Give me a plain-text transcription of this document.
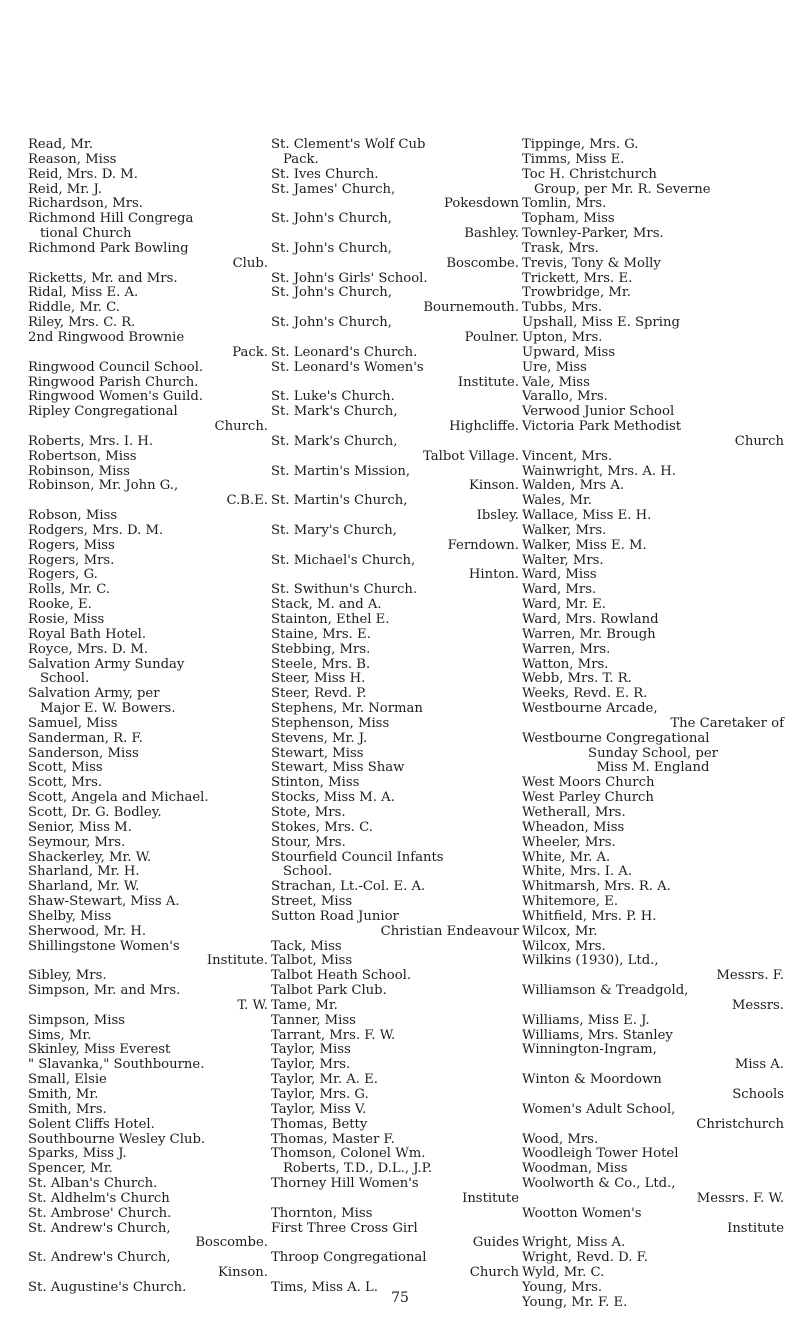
Read, Mr.
Reason, Miss
Reid, Mrs. D. M.
Reid, Mr. J.
Richardson, Mrs.
Richmond Hill Congrega
tional Church
Richmond Park Bowling
Club.
Ricketts, Mr. and Mrs.
Ridal, Miss E. A.
Riddle, Mr. C.
Riley, Mrs. C. R.
2nd Ringwood Brownie
Pack.
Ringwood Council School.
Ringwood Parish Church.
Ringwood Women's Guild.
Ripley Congregational
Church.
Roberts, Mrs. I. H.
Robertson, Miss
Robinson, Miss
Robinson, Mr. John G.,
C.B.E.
Robson, Miss
Rodgers, Mrs. D. M.
Rogers, Miss
Rogers, Mrs.
Rogers, G.
Rolls, Mr. C.
Rooke, E.
Rosie, Miss
Royal Bath Hotel.
Royce, Mrs. D. M.
Salvation Army Sunday
School.
Salvation Army, per
Major E. W. Bowers.
Samuel, Miss
Sanderman, R. F.
Sanderson, Miss
Scott, Miss
Scott, Mrs.
Scott, Angela and Michael.
Scott, Dr. G. Bodley.
Senior, Miss M.
Seymour, Mrs.
Shackerley, Mr. W.
Sharland, Mr. H.
Sharland, Mr. W.
Shaw-Stewart, Miss A.
Shelby, Miss
Sherwood, Mr. H.
Shillingstone Women's
Institute.
Sibley, Mrs.
Simpson, Mr. and Mrs.
T. W.
Simpson, Miss
Sims, Mr.
Skinley, Miss Everest
" Slavanka," Southbourne.
Small, Elsie
Smith, Mr.
Smith, Mrs.
Solent Cliffs Hotel.
Southbourne Wesley Club.
Sparks, Miss J.
Spencer, Mr.
St. Alban's Church.
St. Aldhelm's Church
St. Ambrose' Church.
St. Andrew's Church,
Boscombe.
St. Andrew's Church,
Kinson.
St. Augustine's Church.
St. Clement's Wolf Cub
Pack.
St. Ives Church.
St. James' Church,
Pokesdown
St. John's Church,
Bashley.
St. John's Church,
Boscombe.
St. John's Girls' School.
St. John's Church,
Bournemouth.
St. John's Church,
Poulner.
St. Leonard's Church.
St. Leonard's Women's
Institute.
St. Luke's Church.
St. Mark's Church,
Highcliffe.
St. Mark's Church,
Talbot Village.
St. Martin's Mission,
Kinson.
St. Martin's Church,
Ibsley.
St. Mary's Church,
Ferndown.
St. Michael's Church,
Hinton.
St. Swithun's Church.
Stack, M. and A.
Stainton, Ethel E.
Staine, Mrs. E.
Stebbing, Mrs.
Steele, Mrs. B.
Steer, Miss H.
Steer, Revd. P.
Stephens, Mr. Norman
Stephenson, Miss
Stevens, Mr. J.
Stewart, Miss
Stewart, Miss Shaw
Stinton, Miss
Stocks, Miss M. A.
Stote, Mrs.
Stokes, Mrs. C.
Stour, Mrs.
Stourfield Council Infants
School.
Strachan, Lt.-Col. E. A.
Street, Miss
Sutton Road Junior
Christian Endeavour
Tack, Miss
Talbot, Miss
Talbot Heath School.
Talbot Park Club.
Tame, Mr.
Tanner, Miss
Tarrant, Mrs. F. W.
Taylor, Miss
Taylor, Mrs.
Taylor, Mr. A. E.
Taylor, Mrs. G.
Taylor, Miss V.
Thomas, Betty
Thomas, Master F.
Thomson, Colonel Wm.
Roberts, T.D., D.L., J.P.
Thorney Hill Women's
Institute
Thornton, Miss
First Three Cross Girl
Guides
Throop Congregational
Church
Tims, Miss A. L.
Tippinge, Mrs. G.
Timms, Miss E.
Toc H. Christchurch
Group, per Mr. R. Severne
Tomlin, Mrs.
Topham, Miss
Townley-Parker, Mrs.
Trask, Mrs.
Trevis, Tony & Molly
Trickett, Mrs. E.
Trowbridge, Mr.
Tubbs, Mrs.
Upshall, Miss E. Spring
Upton, Mrs.
Upward, Miss
Ure, Miss
Vale, Miss
Varallo, Mrs.
Verwood Junior School
Victoria Park Methodist
Church
Vincent, Mrs.
Wainwright, Mrs. A. H.
Walden, Mrs A.
Wales, Mr.
Wallace, Miss E. H.
Walker, Mrs.
Walker, Miss E. M.
Walter, Mrs.
Ward, Miss
Ward, Mrs.
Ward, Mr. E.
Ward, Mrs. Rowland
Warren, Mr. Brough
Warren, Mrs.
Watton, Mrs.
Webb, Mrs. T. R.
Weeks, Revd. E. R.
Westbourne Arcade,
The Caretaker of
Westbourne Congregational
Sunday School, per
Miss M. England
West Moors Church
West Parley Church
Wetherall, Mrs.
Wheadon, Miss
Wheeler, Mrs.
White, Mr. A.
White, Mrs. I. A.
Whitmarsh, Mrs. R. A.
Whitemore, E.
Whitfield, Mrs. P. H.
Wilcox, Mr.
Wilcox, Mrs.
Wilkins (1930), Ltd.,
Messrs. F.
Williamson & Treadgold,
Messrs.
Williams, Miss E. J.
Williams, Mrs. Stanley
Winnington-Ingram,
Miss A.
Winton & Moordown
Schools
Women's Adult School,
Christchurch
Wood, Mrs.
Woodleigh Tower Hotel
Woodman, Miss
Woolworth & Co., Ltd.,
Messrs. F. W.
Wootton Women's
Institute
Wright, Miss A.
Wright, Revd. D. F.
Wyld, Mr. C.
Young, Mrs.
Young, Mr. F. E.
75
